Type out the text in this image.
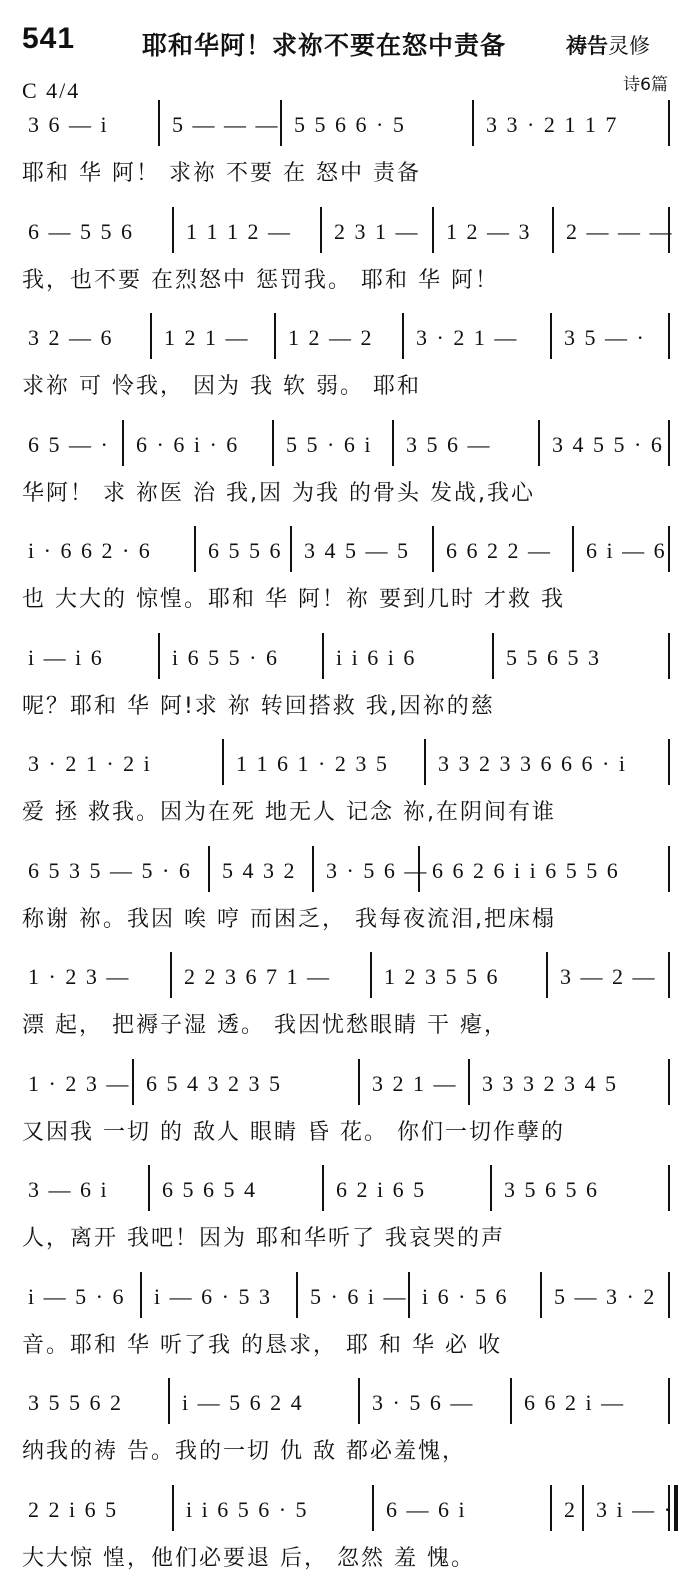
541	耶和华阿！求祢不要在怒中责备	祷告灵修
C 4/4	诗6篇
3 6 — i	5 — — — 5 5 6 6 · 5	3 3 · 2 1 1 7
耶和 华 阿！ 求祢 不要 在 怒中 责备
6 — 5 5 6 1 1 1 2 — 2 3 1 — 1 2 — 3 2 — — —
我，也不要 在烈怒中 惩罚我。 耶和 华 阿！
3 2 — 6 1 2 1 — 1 2 — 2 3 · 2 1 — 3 5 — ·
求祢 可 怜我， 因为 我 软 弱。 耶和
6 5 — · 6 · 6 i · 6 5 5 · 6 i 3 5 6 —	3 4 5 5 · 6
华阿！ 求 祢医 治 我,因 为我 的骨头 发战,我心
i · 6 6 2 · 6	6 5 5 6 3 4 5 — 5 6 6 2 2 — 6 i — 6
也 大大的 惊惶。耶和 华 阿！祢 要到几时 才救 我
i — i 6	i 6 5 5 · 6	i i 6 i 6	5 5 6 5 3
呢？耶和 华 阿!求 祢 转回搭救 我,因祢的慈
3 · 2 1 · 2 i	1 1 6 1 · 2 3 5 3 3 2 3 3 6 6 6 · i
爱 拯 救我。因为在死 地无人 记念 祢,在阴间有谁
6 5 3 5 — 5 · 6 5 4 3 2 3 · 5 6 — 6 6 2 6 i i 6 5 5 6
称谢 祢。我因 唉 哼 而困乏， 我每夜流泪,把床榻
1 · 2 3 — 2 2 3 6 7 1 — 1 2 3 5 5 6	3 — 2 —
漂 起， 把褥子湿 透。 我因忧愁眼睛 干 瘪，
1 · 2 3 — 6 5 4 3 2 3 5	3 2 1 — 3 3 3 2 3 4 5
又因我 一切 的 敌人 眼睛 昏 花。 你们一切作孽的
3 — 6 i 6 5 6 5 4	6 2 i 6 5	3 5 6 5 6
人，离开 我吧！因为 耶和华听了 我哀哭的声
i — 5 · 6 i — 6 · 5 3 5 · 6 i — i 6 · 5 6 5 — 3 · 2
音。耶和 华 听了我 的恳求， 耶 和 华 必 收
3 5 5 6 2	i — 5 6 2 4	3 · 5 6 — 6 6 2 i —
纳我的祷 告。我的一切 仇 敌 都必羞愧，
2 2 i 6 5	i i 6 5 6 · 5	6 — 6 i	2 3 i — ·
大大惊 惶，他们必要退 后， 忽然 羞 愧。
